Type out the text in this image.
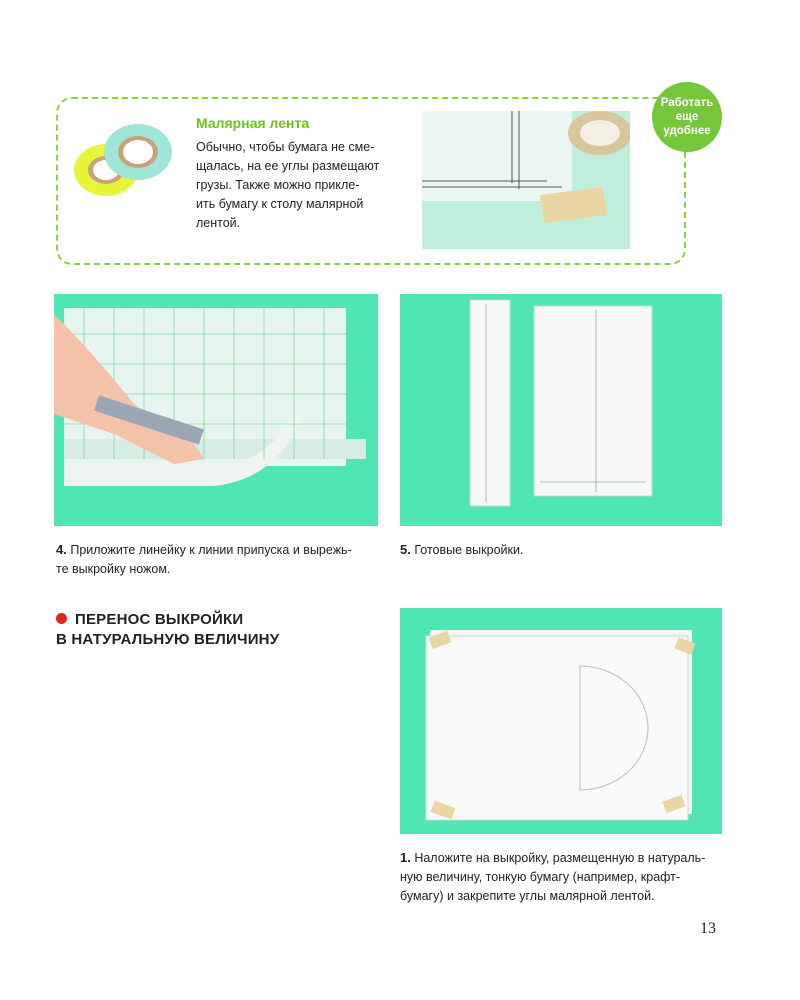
Малярная лента
Обычно, чтобы бумага не сме-
щалась, на ее углы размещают
грузы. Также можно прикле-
ить бумагу к столу малярной
лентой.
Работать еще удобнее
4. Приложите линейку к линии припуска и вырежь-
те выкройку ножом.
5. Готовые выкройки.
ПЕРЕНОС ВЫКРОЙКИ
В НАТУРАЛЬНУЮ ВЕЛИЧИНУ
1. Наложите на выкройку, размещенную в натураль-
ную величину, тонкую бумагу (например, крафт-
бумагу) и закрепите углы малярной лентой.
13
